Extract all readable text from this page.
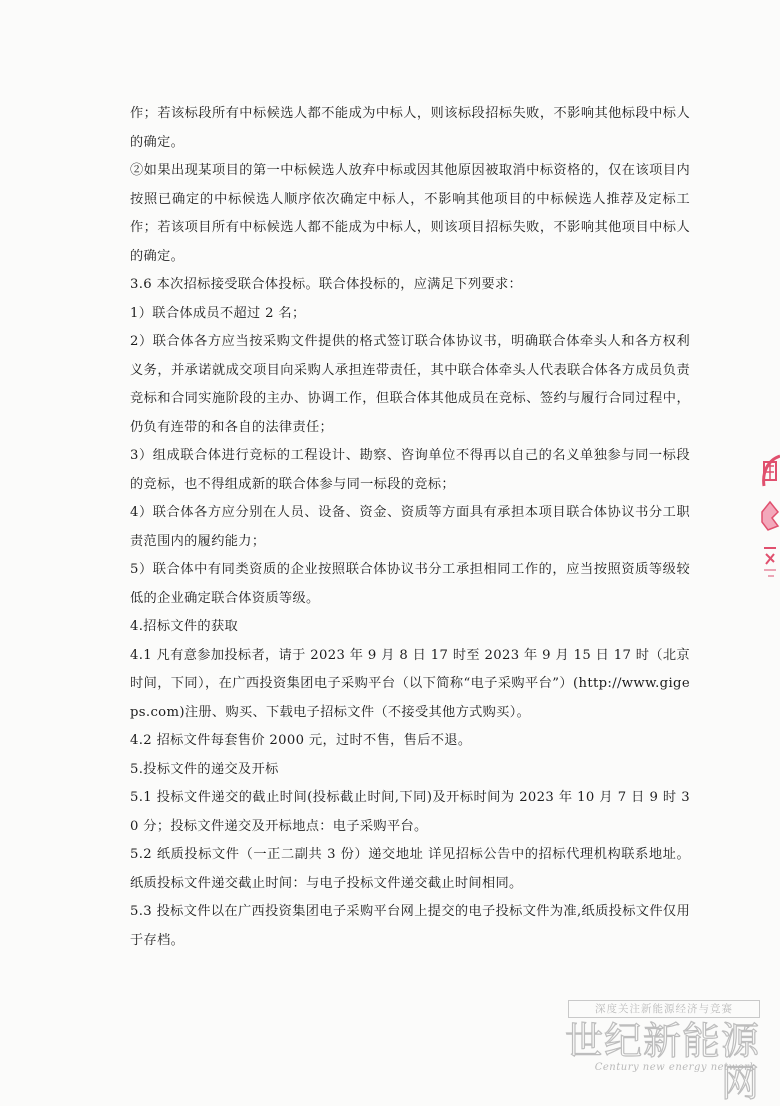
作；若该标段所有中标候选人都不能成为中标人，则该标段招标失败，不影响其他标段中标人的确定。

②如果出现某项目的第一中标候选人放弃中标或因其他原因被取消中标资格的，仅在该项目内按照已确定的中标候选人顺序依次确定中标人，不影响其他项目的中标候选人推荐及定标工作；若该项目所有中标候选人都不能成为中标人，则该项目招标失败，不影响其他项目中标人的确定。

3.6 本次招标接受联合体投标。联合体投标的，应满足下列要求：

1）联合体成员不超过 2 名；

2）联合体各方应当按采购文件提供的格式签订联合体协议书，明确联合体牵头人和各方权利义务，并承诺就成交项目向采购人承担连带责任，其中联合体牵头人代表联合体各方成员负责竞标和合同实施阶段的主办、协调工作，但联合体其他成员在竞标、签约与履行合同过程中，仍负有连带的和各自的法律责任；

3）组成联合体进行竞标的工程设计、勘察、咨询单位不得再以自己的名义单独参与同一标段的竞标，也不得组成新的联合体参与同一标段的竞标；

4）联合体各方应分别在人员、设备、资金、资质等方面具有承担本项目联合体协议书分工职责范围内的履约能力；

5）联合体中有同类资质的企业按照联合体协议书分工承担相同工作的，应当按照资质等级较低的企业确定联合体资质等级。

4.招标文件的获取

4.1 凡有意参加投标者，请于 2023 年 9 月 8 日 17 时至 2023 年 9 月 15 日 17 时（北京时间，下同），在广西投资集团电子采购平台（以下简称“电子采购平台”）(http://www.gigeps.com)注册、购买、下载电子招标文件（不接受其他方式购买）。

4.2 招标文件每套售价 2000 元，过时不售，售后不退。

5.投标文件的递交及开标

5.1 投标文件递交的截止时间(投标截止时间,下同)及开标时间为 2023 年 10 月 7 日 9 时 30 分；投标文件递交及开标地点：电子采购平台。

5.2 纸质投标文件（一正二副共 3 份）递交地址 详见招标公告中的招标代理机构联系地址。纸质投标文件递交截止时间：与电子投标文件递交截止时间相同。

5.3 投标文件以在广西投资集团电子采购平台网上提交的电子投标文件为准,纸质投标文件仅用于存档。

深度关注新能源经济与竞赛
世纪新能源网
Century new energy network
